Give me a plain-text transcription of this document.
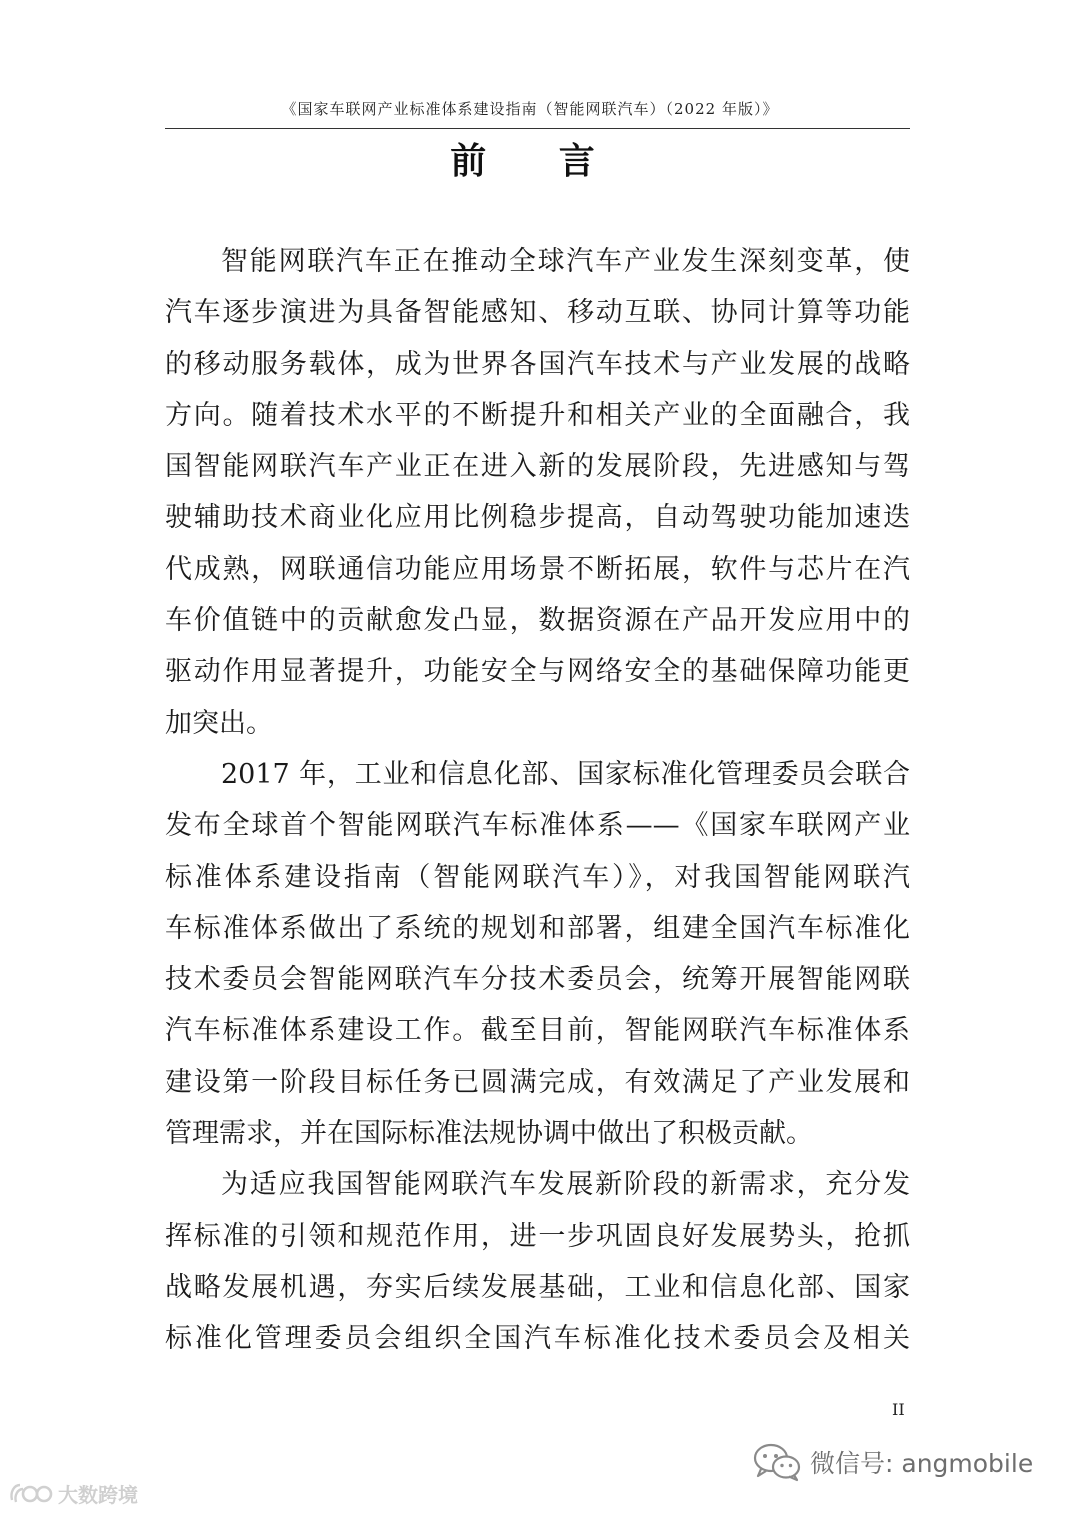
《国家车联网产业标准体系建设指南（智能网联汽车）（2022 年版）》
前 言
智能网联汽车正在推动全球汽车产业发生深刻变革，使
汽车逐步演进为具备智能感知、移动互联、协同计算等功能
的移动服务载体，成为世界各国汽车技术与产业发展的战略
方向。随着技术水平的不断提升和相关产业的全面融合，我
国智能网联汽车产业正在进入新的发展阶段，先进感知与驾
驶辅助技术商业化应用比例稳步提高，自动驾驶功能加速迭
代成熟，网联通信功能应用场景不断拓展，软件与芯片在汽
车价值链中的贡献愈发凸显，数据资源在产品开发应用中的
驱动作用显著提升，功能安全与网络安全的基础保障功能更
加突出。
2017 年，工业和信息化部、国家标准化管理委员会联合
发布全球首个智能网联汽车标准体系——《国家车联网产业
标准体系建设指南（智能网联汽车）》，对我国智能网联汽
车标准体系做出了系统的规划和部署，组建全国汽车标准化
技术委员会智能网联汽车分技术委员会，统筹开展智能网联
汽车标准体系建设工作。截至目前，智能网联汽车标准体系
建设第一阶段目标任务已圆满完成，有效满足了产业发展和
管理需求，并在国际标准法规协调中做出了积极贡献。
为适应我国智能网联汽车发展新阶段的新需求，充分发
挥标准的引领和规范作用，进一步巩固良好发展势头，抢抓
战略发展机遇，夯实后续发展基础，工业和信息化部、国家
标准化管理委员会组织全国汽车标准化技术委员会及相关
II
微信号: angmobile
大数跨境
